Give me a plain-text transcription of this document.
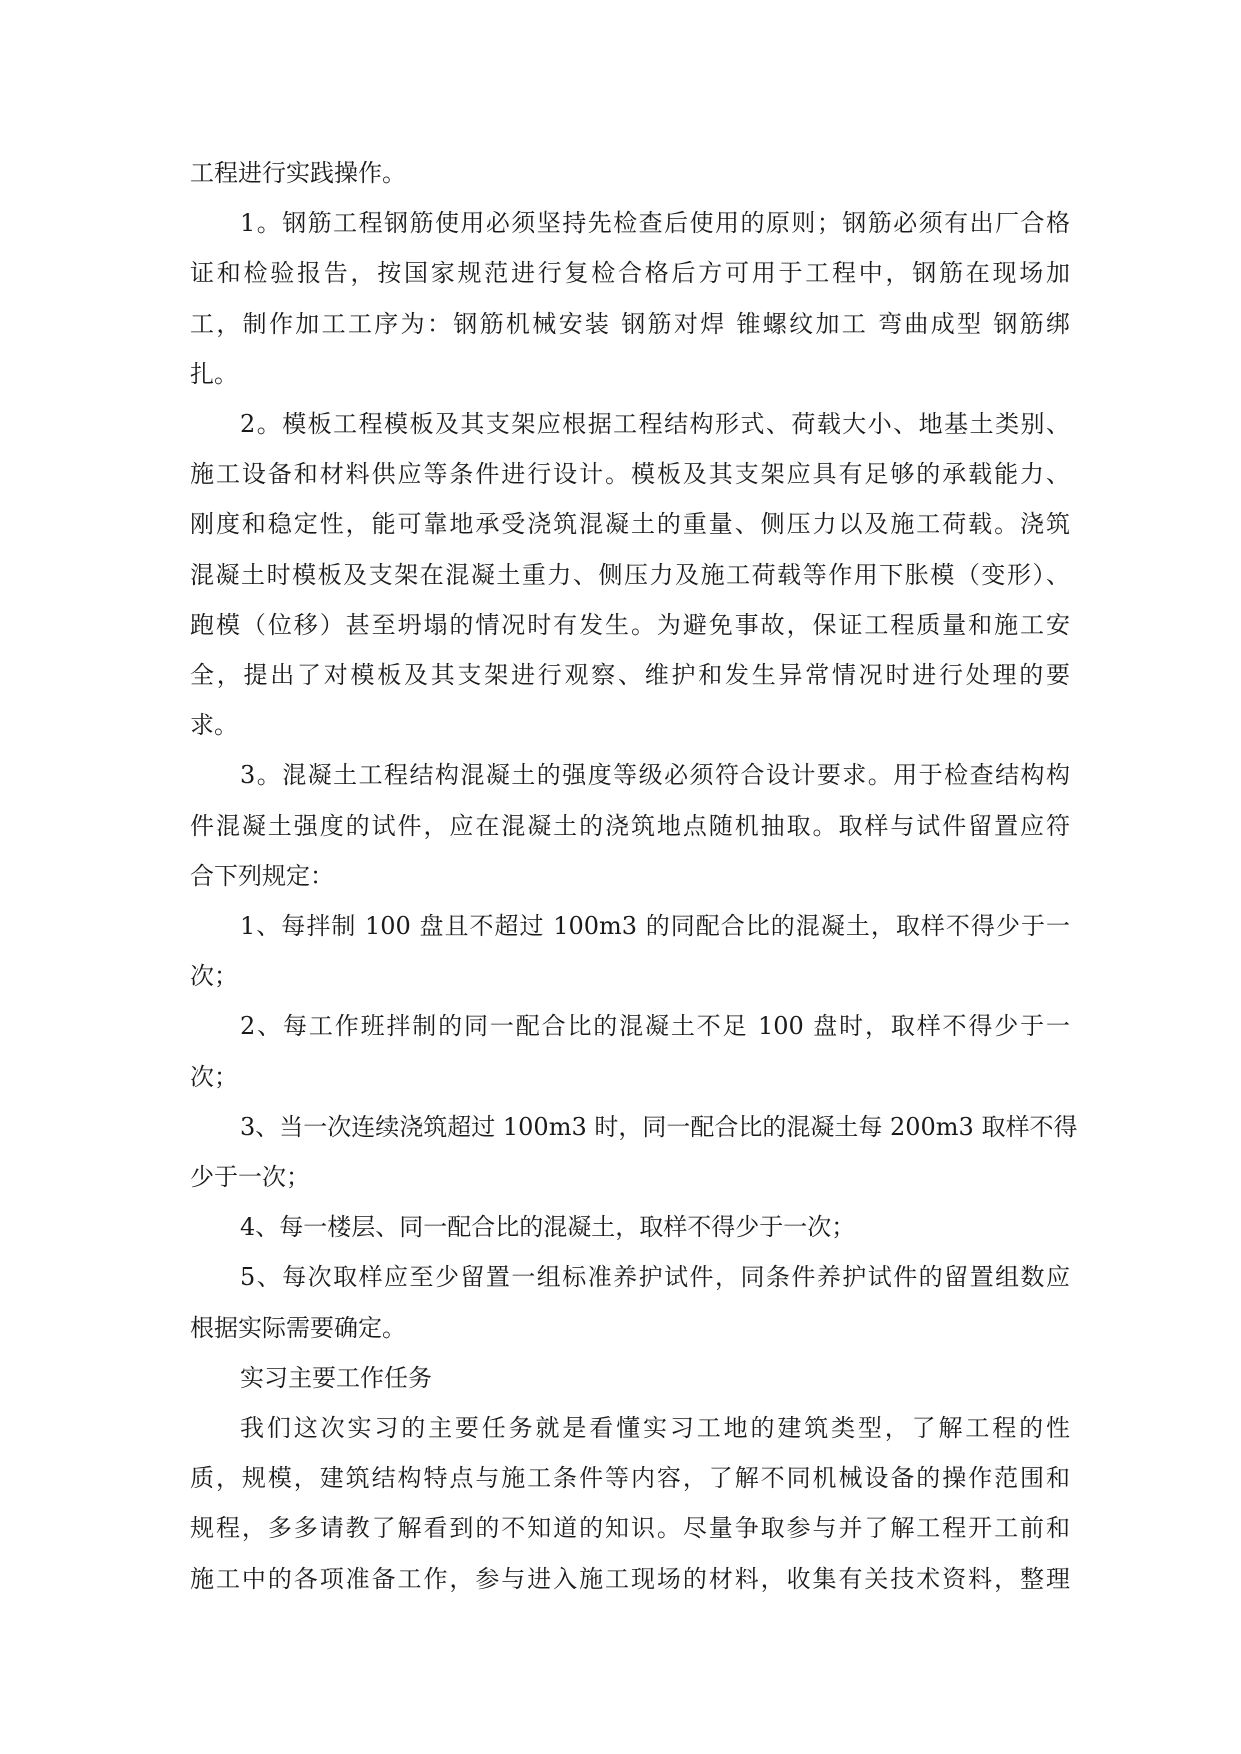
工程进行实践操作。
1。钢筋工程钢筋使用必须坚持先检查后使用的原则；钢筋必须有出厂合格
证和检验报告，按国家规范进行复检合格后方可用于工程中，钢筋在现场加
工，制作加工工序为：钢筋机械安装 钢筋对焊 锥螺纹加工 弯曲成型 钢筋绑
扎。
2。模板工程模板及其支架应根据工程结构形式、荷载大小、地基土类别、
施工设备和材料供应等条件进行设计。模板及其支架应具有足够的承载能力、
刚度和稳定性，能可靠地承受浇筑混凝土的重量、侧压力以及施工荷载。浇筑
混凝土时模板及支架在混凝土重力、侧压力及施工荷载等作用下胀模（变形）、
跑模（位移）甚至坍塌的情况时有发生。为避免事故，保证工程质量和施工安
全，提出了对模板及其支架进行观察、维护和发生异常情况时进行处理的要
求。
3。混凝土工程结构混凝土的强度等级必须符合设计要求。用于检查结构构
件混凝土强度的试件，应在混凝土的浇筑地点随机抽取。取样与试件留置应符
合下列规定：
1、每拌制 100 盘且不超过 100m3 的同配合比的混凝土，取样不得少于一
次；
2、每工作班拌制的同一配合比的混凝土不足 100 盘时，取样不得少于一
次；
3、当一次连续浇筑超过 100m3 时，同一配合比的混凝土每 200m3 取样不得
少于一次；
4、每一楼层、同一配合比的混凝土，取样不得少于一次；
5、每次取样应至少留置一组标准养护试件，同条件养护试件的留置组数应
根据实际需要确定。
实习主要工作任务
我们这次实习的主要任务就是看懂实习工地的建筑类型，了解工程的性
质，规模，建筑结构特点与施工条件等内容，了解不同机械设备的操作范围和
规程，多多请教了解看到的不知道的知识。尽量争取参与并了解工程开工前和
施工中的各项准备工作，参与进入施工现场的材料，收集有关技术资料，整理
